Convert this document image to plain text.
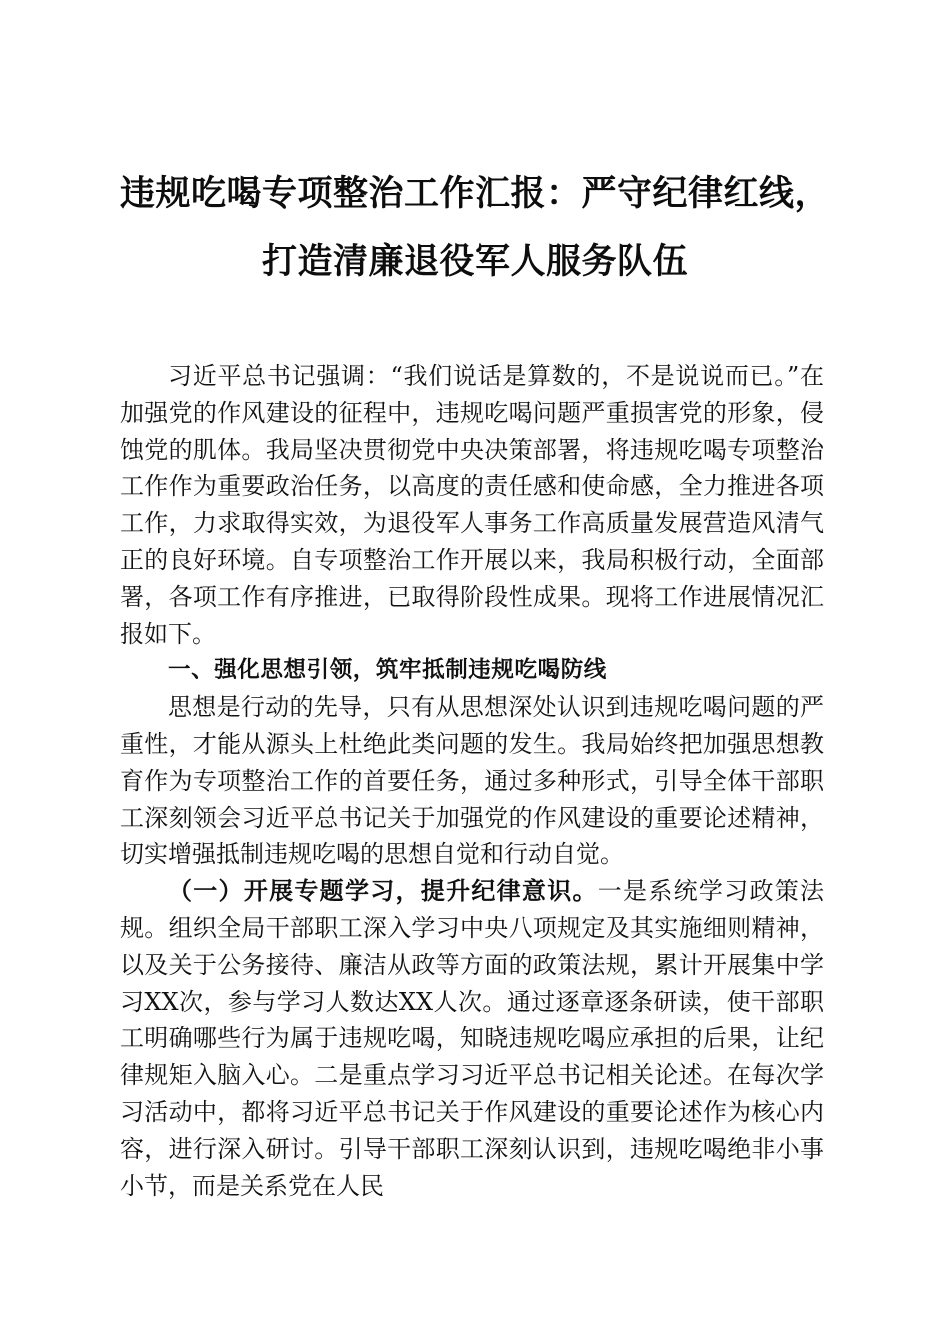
违规吃喝专项整治工作汇报：严守纪律红线，
打造清廉退役军人服务队伍

习近平总书记强调：“我们说话是算数的，不是说说而已。”在加强党的作风建设的征程中，违规吃喝问题严重损害党的形象，侵蚀党的肌体。我局坚决贯彻党中央决策部署，将违规吃喝专项整治工作作为重要政治任务，以高度的责任感和使命感，全力推进各项工作，力求取得实效，为退役军人事务工作高质量发展营造风清气正的良好环境。自专项整治工作开展以来，我局积极行动，全面部署，各项工作有序推进，已取得阶段性成果。现将工作进展情况汇报如下。

一、强化思想引领，筑牢抵制违规吃喝防线

思想是行动的先导，只有从思想深处认识到违规吃喝问题的严重性，才能从源头上杜绝此类问题的发生。我局始终把加强思想教育作为专项整治工作的首要任务，通过多种形式，引导全体干部职工深刻领会习近平总书记关于加强党的作风建设的重要论述精神，切实增强抵制违规吃喝的思想自觉和行动自觉。

（一）开展专题学习，提升纪律意识。一是系统学习政策法规。组织全局干部职工深入学习中央八项规定及其实施细则精神，以及关于公务接待、廉洁从政等方面的政策法规，累计开展集中学习XX次，参与学习人数达XX人次。通过逐章逐条研读，使干部职工明确哪些行为属于违规吃喝，知晓违规吃喝应承担的后果，让纪律规矩入脑入心。二是重点学习习近平总书记相关论述。在每次学习活动中，都将习近平总书记关于作风建设的重要论述作为核心内容，进行深入研讨。引导干部职工深刻认识到，违规吃喝绝非小事小节，而是关系党在人民
